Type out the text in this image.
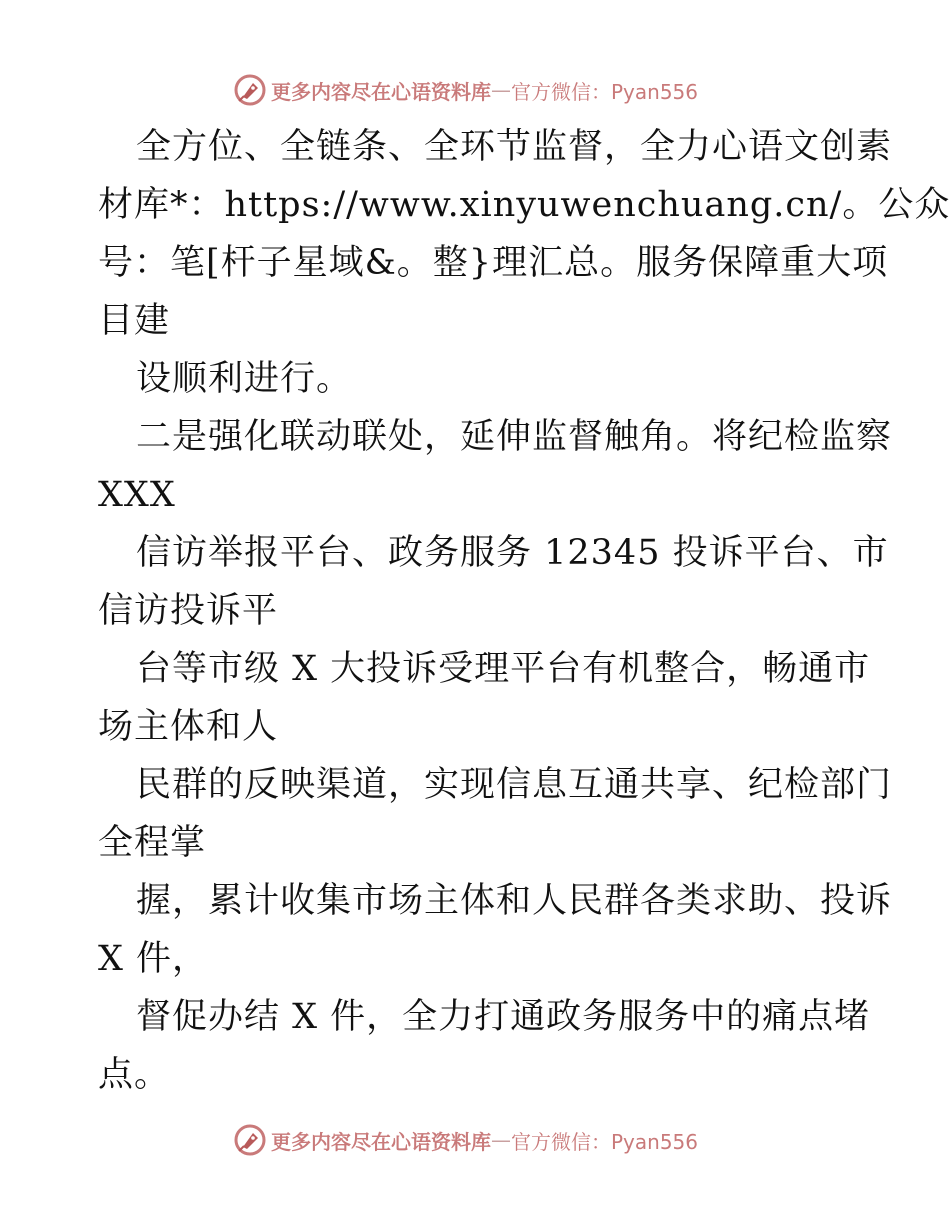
更多内容尽在心语资料库 — 官方微信：Pyan556
全方位、全链条、全环节监督，全力心语文创素
材库*：https://www.xinyuwenchuang.cn/。公众
号：笔[杆子星域&。整}理汇总。服务保障重大项
目建
设顺利进行。
二是强化联动联处，延伸监督触角。将纪检监察
XXX
信访举报平台、政务服务 12345 投诉平台、市
信访投诉平
台等市级 X 大投诉受理平台有机整合，畅通市
场主体和人
民群的反映渠道，实现信息互通共享、纪检部门
全程掌
握，累计收集市场主体和人民群各类求助、投诉
X 件，
督促办结 X 件，全力打通政务服务中的痛点堵
点。
更多内容尽在心语资料库 — 官方微信：Pyan556
